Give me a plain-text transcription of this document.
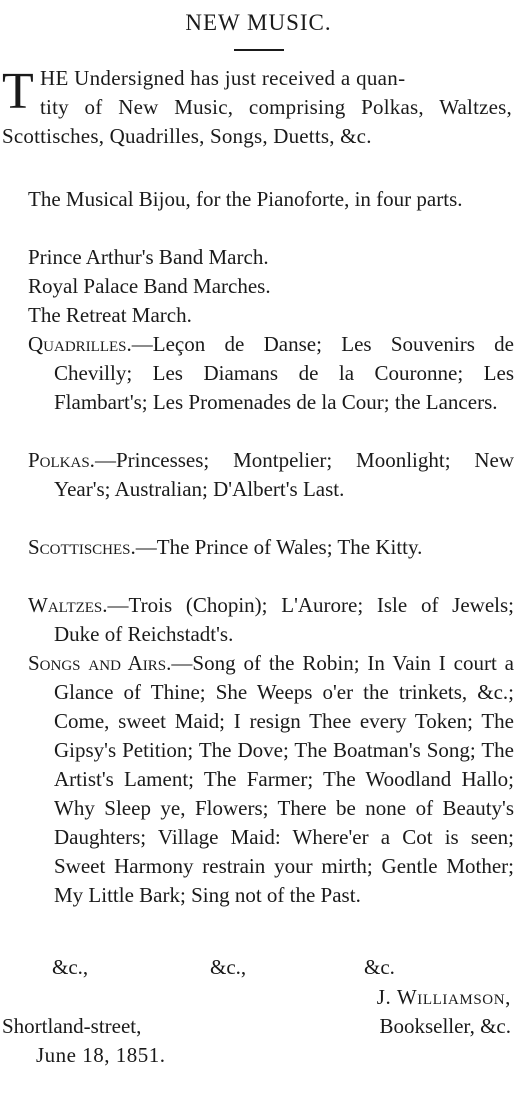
NEW MUSIC.
T HE Undersigned has just received a quan-
tity of New Music, comprising Polkas, Waltzes, Scottisches, Quadrilles, Songs, Duetts, &c.
The Musical Bijou, for the Pianoforte, in four parts.
Prince Arthur's Band March.
Royal Palace Band Marches.
The Retreat March.
Quadrilles.—Leçon de Danse; Les Souvenirs de Chevilly; Les Diamans de la Couronne; Les Flambart's; Les Promenades de la Cour; the Lancers.
Polkas.—Princesses; Montpelier; Moonlight; New Year's; Australian; D'Albert's Last.
Scottisches.—The Prince of Wales; The Kitty.
Waltzes.—Trois (Chopin); L'Aurore; Isle of Jewels; Duke of Reichstadt's.
Songs and Airs.—Song of the Robin; In Vain I court a Glance of Thine; She Weeps o'er the trinkets, &c.; Come, sweet Maid; I resign Thee every Token; The Gipsy's Petition; The Dove; The Boatman's Song; The Artist's Lament; The Farmer; The Woodland Hallo; Why Sleep ye, Flowers; There be none of Beauty's Daughters; Village Maid: Where'er a Cot is seen; Sweet Harmony restrain your mirth; Gentle Mother; My Little Bark; Sing not of the Past.
&c.,	&c.,	&c.
J. Williamson,
Shortland-street,	Bookseller, &c.
June 18, 1851.
